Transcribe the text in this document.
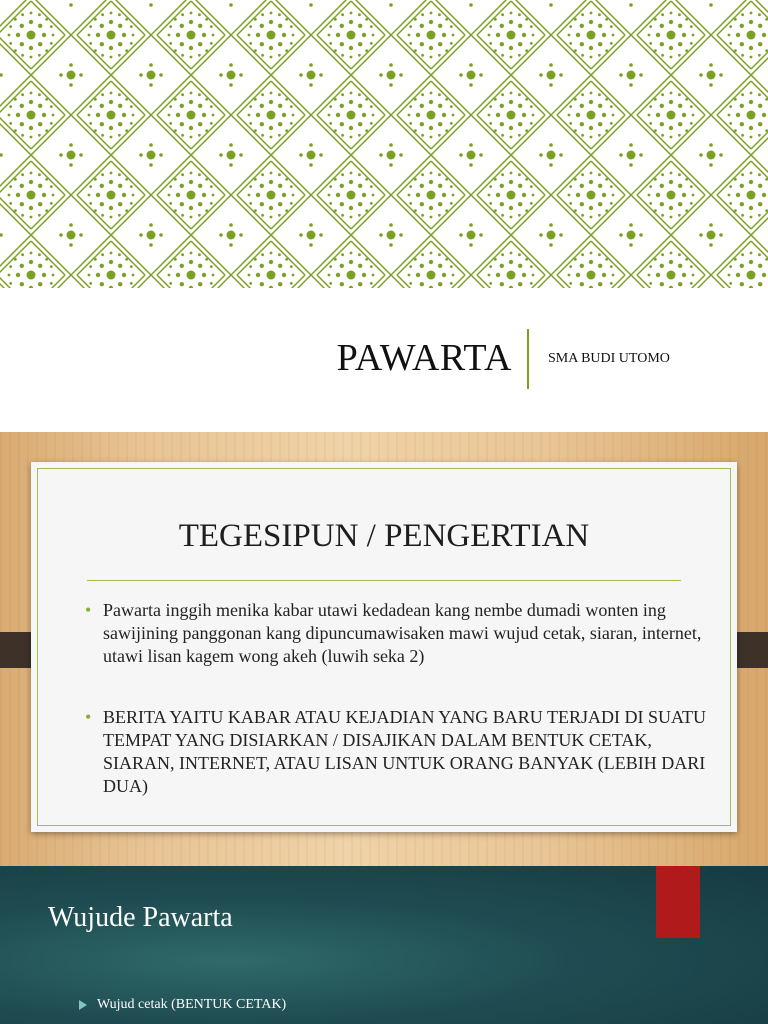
PAWARTA	SMA BUDI UTOMO
TEGESIPUN / PENGERTIAN
• Pawarta inggih menika kabar utawi kedadean kang nembe dumadi wonten ing sawijining panggonan kang dipuncumawisaken mawi wujud cetak, siaran, internet, utawi lisan kagem wong akeh (luwih seka 2)
• BERITA YAITU KABAR ATAU KEJADIAN YANG BARU TERJADI DI SUATU TEMPAT YANG DISIARKAN / DISAJIKAN DALAM BENTUK CETAK, SIARAN, INTERNET, ATAU LISAN UNTUK ORANG BANYAK (LEBIH DARI DUA)
Wujude Pawarta
Wujud cetak (BENTUK CETAK)
